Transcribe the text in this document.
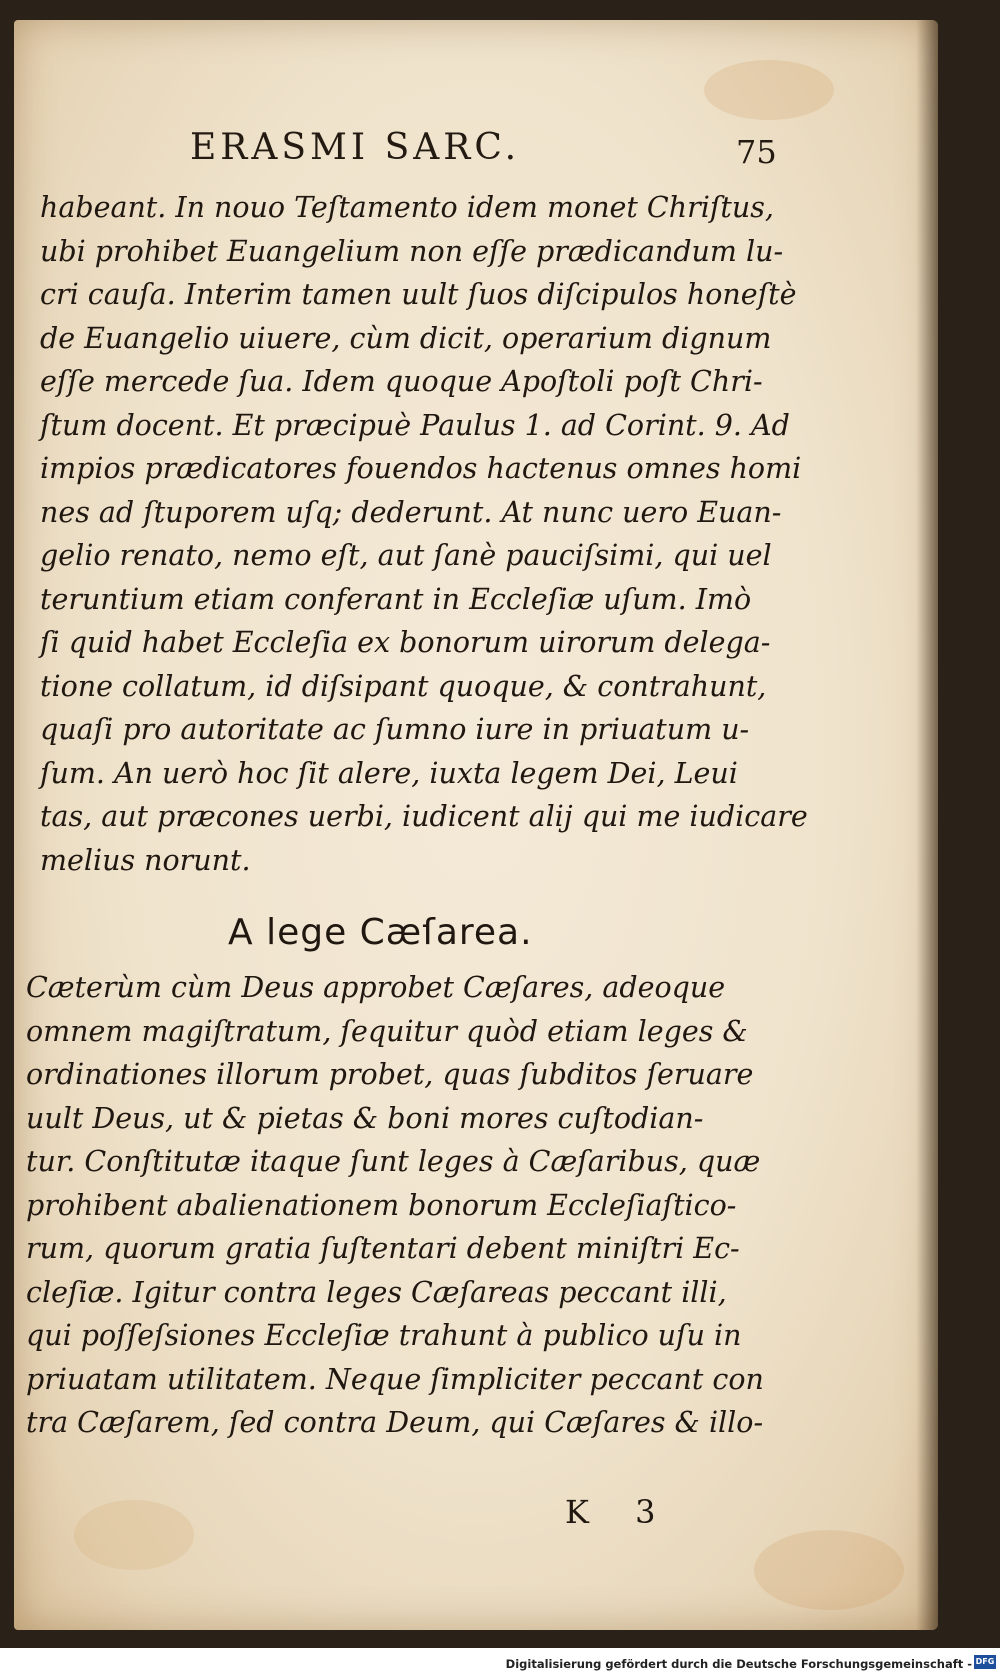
ERASMI SARC.	75
habeant. In nouo Teſtamento idem monet Chriſtus,
ubi prohibet Euangelium non eſſe prædicandum lu-
cri cauſa. Interim tamen uult ſuos diſcipulos honeſtè
de Euangelio uiuere, cùm dicit, operarium dignum
eſſe mercede ſua. Idem quoque Apoſtoli poſt Chri-
ſtum docent. Et præcipuè Paulus 1. ad Corint. 9. Ad
impios prædicatores fouendos hactenus omnes homi
nes ad ſtuporem uſq; dederunt. At nunc uero Euan-
gelio renato, nemo eſt, aut ſanè pauciſsimi, qui uel
teruntium etiam conferant in Eccleſiæ uſum. Imò
ſi quid habet Eccleſia ex bonorum uirorum delega-
tione collatum, id diſsipant quoque, & contrahunt,
quaſi pro autoritate ac ſumno iure in priuatum u-
ſum. An uerò hoc ſit alere, iuxta legem Dei, Leui
tas, aut præcones uerbi, iudicent alij qui me iudicare
melius norunt.
A lege Cæſarea.
Cæterùm cùm Deus approbet Cæſares, adeoque
omnem magiſtratum, ſequitur quòd etiam leges &
ordinationes illorum probet, quas ſubditos ſeruare
uult Deus, ut & pietas & boni mores cuſtodian-
tur. Conſtitutæ itaque ſunt leges à Cæſaribus, quæ
prohibent abalienationem bonorum Eccleſiaſtico-
rum, quorum gratia ſuſtentari debent miniſtri Ec-
cleſiæ. Igitur contra leges Cæſareas peccant illi,
qui poſſeſsiones Eccleſiæ trahunt à publico uſu in
priuatam utilitatem. Neque ſimpliciter peccant con
tra Cæſarem, ſed contra Deum, qui Cæſares & illo-
K 3
Digitalisierung gefördert durch die Deutsche Forschungsgemeinschaft - DFG
